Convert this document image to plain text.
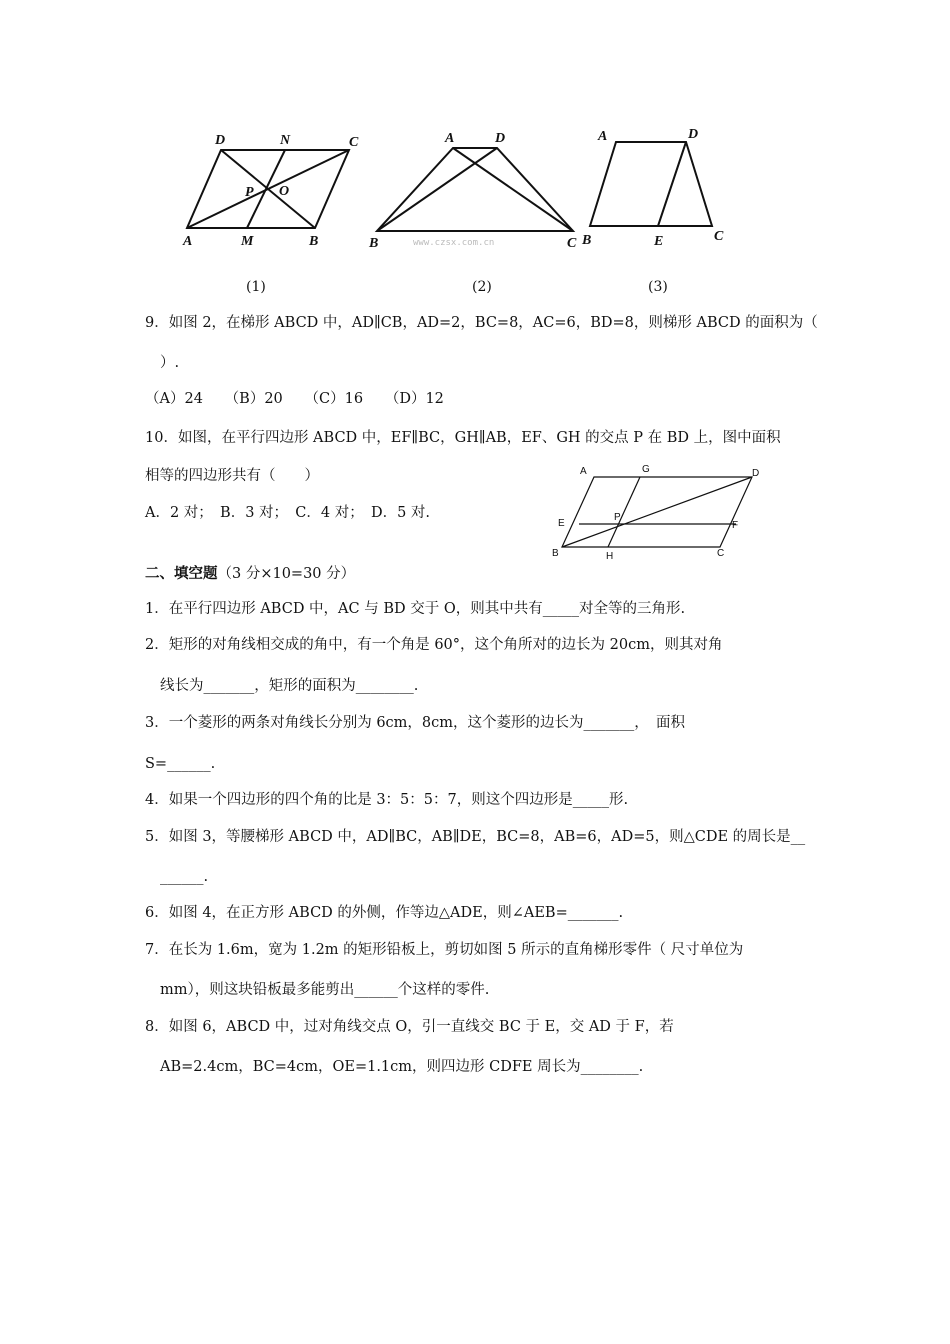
D	N	C
P O
A	M	B
(1)
www.czsx.com.cn
A	D
B	C
(2)
A	D
B	E	C
(3)
9．如图 2，在梯形 ABCD 中，AD∥CB，AD=2，BC=8，AC=6，BD=8，则梯形 ABCD 的面积为（
）.
（A）24　　（B）20　　（C）16　　（D）12
10．如图，在平行四边形 ABCD 中，EF∥BC，GH∥AB，EF、GH 的交点 P 在 BD 上，图中面积
相等的四边形共有（　　）
A．2 对；　B．3 对；　C．4 对；　D．5 对.
A	G	D
E
P
F
B	H	C
二、填空题（3 分×10=30 分）
1．在平行四边形 ABCD 中，AC 与 BD 交于 O，则其中共有_____对全等的三角形.
2．矩形的对角线相交成的角中，有一个角是 60°，这个角所对的边长为 20cm，则其对角
线长为_______，矩形的面积为________.
3．一个菱形的两条对角线长分别为 6cm，8cm，这个菱形的边长为_______，　面积
S=______.
4．如果一个四边形的四个角的比是 3：5：5：7，则这个四边形是_____形.
5．如图 3，等腰梯形 ABCD 中，AD∥BC，AB∥DE，BC=8，AB=6，AD=5，则△CDE 的周长是__
______.
6．如图 4，在正方形 ABCD 的外侧，作等边△ADE，则∠AEB=_______.
7．在长为 1.6m，宽为 1.2m 的矩形铅板上，剪切如图 5 所示的直角梯形零件（ 尺寸单位为
mm），则这块铅板最多能剪出______个这样的零件.
8．如图 6，ABCD 中，过对角线交点 O，引一直线交 BC 于 E，交 AD 于 F，若
AB=2.4cm，BC=4cm，OE=1.1cm，则四边形 CDFE 周长为________.
